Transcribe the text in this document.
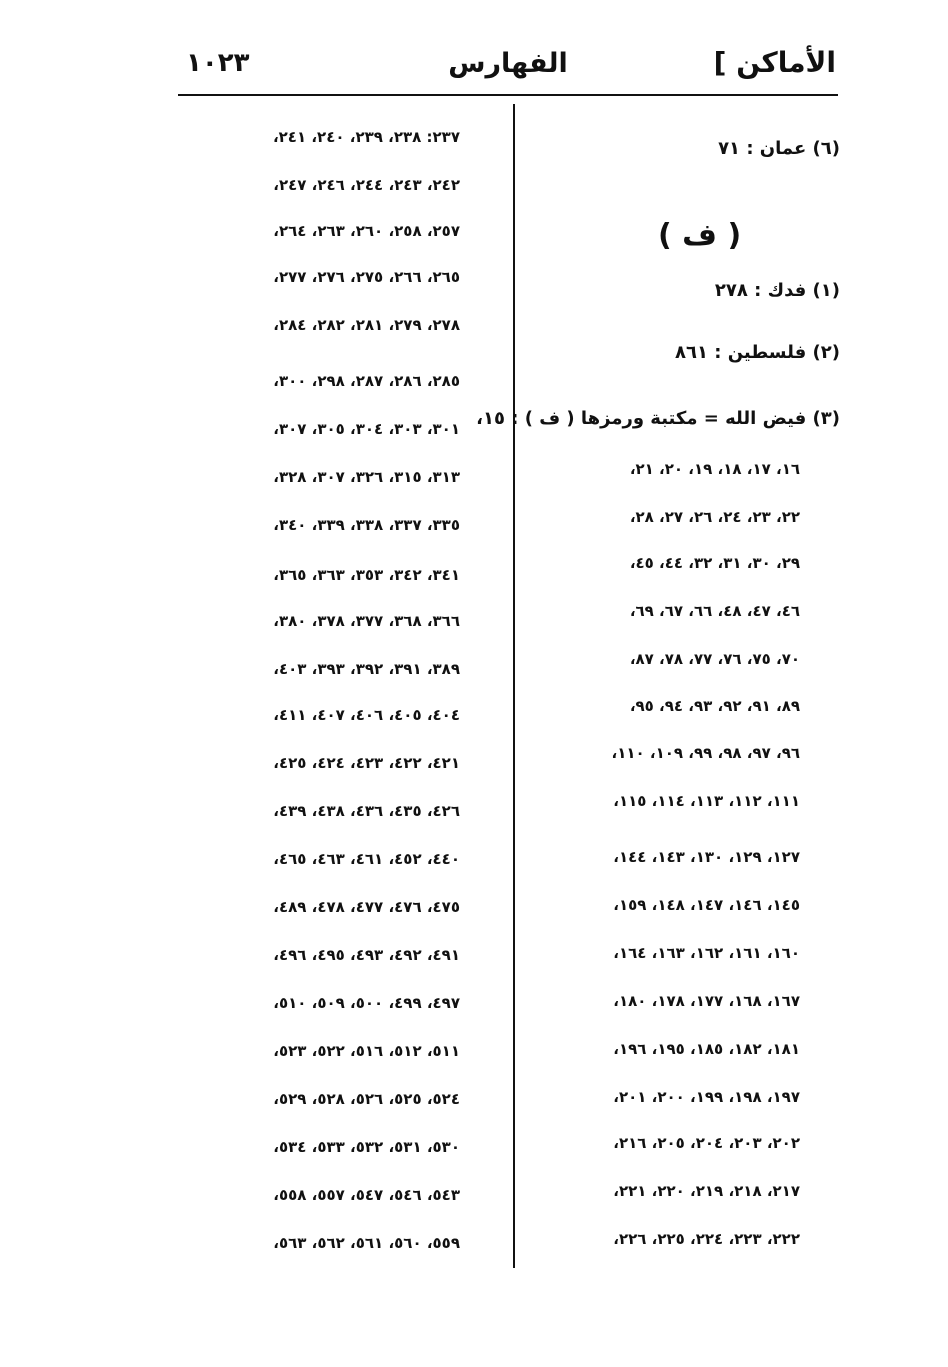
الأماكن ]
الفهارس
١٠٢٣
(٦) عمان : ٧١
( ف )
(١) فدك : ٢٧٨
(٢) فلسطين : ٨٦١
(٣) فيض الله = مكتبة ورمزها ( ف ) : ١٥،
١٦، ١٧، ١٨، ١٩، ٢٠، ٢١،
٢٢، ٢٣، ٢٤، ٢٦، ٢٧، ٢٨،
٢٩، ٣٠، ٣١، ٣٢، ٤٤، ٤٥،
٤٦، ٤٧، ٤٨، ٦٦، ٦٧، ٦٩،
٧٠، ٧٥، ٧٦، ٧٧، ٧٨، ٨٧،
٨٩، ٩١، ٩٢، ٩٣، ٩٤، ٩٥،
٩٦، ٩٧، ٩٨، ٩٩، ١٠٩، ١١٠،
١١١، ١١٢، ١١٣، ١١٤، ١١٥،
١٢٧، ١٢٩، ١٣٠، ١٤٣، ١٤٤،
١٤٥، ١٤٦، ١٤٧، ١٤٨، ١٥٩،
١٦٠، ١٦١، ١٦٢، ١٦٣، ١٦٤،
١٦٧، ١٦٨، ١٧٧، ١٧٨، ١٨٠،
١٨١، ١٨٢، ١٨٥، ١٩٥، ١٩٦،
١٩٧، ١٩٨، ١٩٩، ٢٠٠، ٢٠١،
٢٠٢، ٢٠٣، ٢٠٤، ٢٠٥، ٢١٦،
٢١٧، ٢١٨، ٢١٩، ٢٢٠، ٢٢١،
٢٢٢، ٢٢٣، ٢٢٤، ٢٢٥، ٢٢٦،
٢٣٧: ٢٣٨، ٢٣٩، ٢٤٠، ٢٤١،
٢٤٢، ٢٤٣، ٢٤٤، ٢٤٦، ٢٤٧،
٢٥٧، ٢٥٨، ٢٦٠، ٢٦٣، ٢٦٤،
٢٦٥، ٢٦٦، ٢٧٥، ٢٧٦، ٢٧٧،
٢٧٨، ٢٧٩، ٢٨١، ٢٨٢، ٢٨٤،
٢٨٥، ٢٨٦، ٢٨٧، ٢٩٨، ٣٠٠،
٣٠١، ٣٠٣، ٣٠٤، ٣٠٥، ٣٠٧،
٣١٣، ٣١٥، ٣٢٦، ٣٠٧، ٣٢٨،
٣٣٥، ٣٣٧، ٣٣٨، ٣٣٩، ٣٤٠،
٣٤١، ٣٤٢، ٣٥٣، ٣٦٣، ٣٦٥،
٣٦٦، ٣٦٨، ٣٧٧، ٣٧٨، ٣٨٠،
٣٨٩، ٣٩١، ٣٩٢، ٣٩٣، ٤٠٣،
٤٠٤، ٤٠٥، ٤٠٦، ٤٠٧، ٤١١،
٤٢١، ٤٢٢، ٤٢٣، ٤٢٤، ٤٢٥،
٤٢٦، ٤٣٥، ٤٣٦، ٤٣٨، ٤٣٩،
٤٤٠، ٤٥٢، ٤٦١، ٤٦٣، ٤٦٥،
٤٧٥، ٤٧٦، ٤٧٧، ٤٧٨، ٤٨٩،
٤٩١، ٤٩٢، ٤٩٣، ٤٩٥، ٤٩٦،
٤٩٧، ٤٩٩، ٥٠٠، ٥٠٩، ٥١٠،
٥١١، ٥١٢، ٥١٦، ٥٢٢، ٥٢٣،
٥٢٤، ٥٢٥، ٥٢٦، ٥٢٨، ٥٢٩،
٥٣٠، ٥٣١، ٥٣٢، ٥٣٣، ٥٣٤،
٥٤٣، ٥٤٦، ٥٤٧، ٥٥٧، ٥٥٨،
٥٥٩، ٥٦٠، ٥٦١، ٥٦٢، ٥٦٣،
